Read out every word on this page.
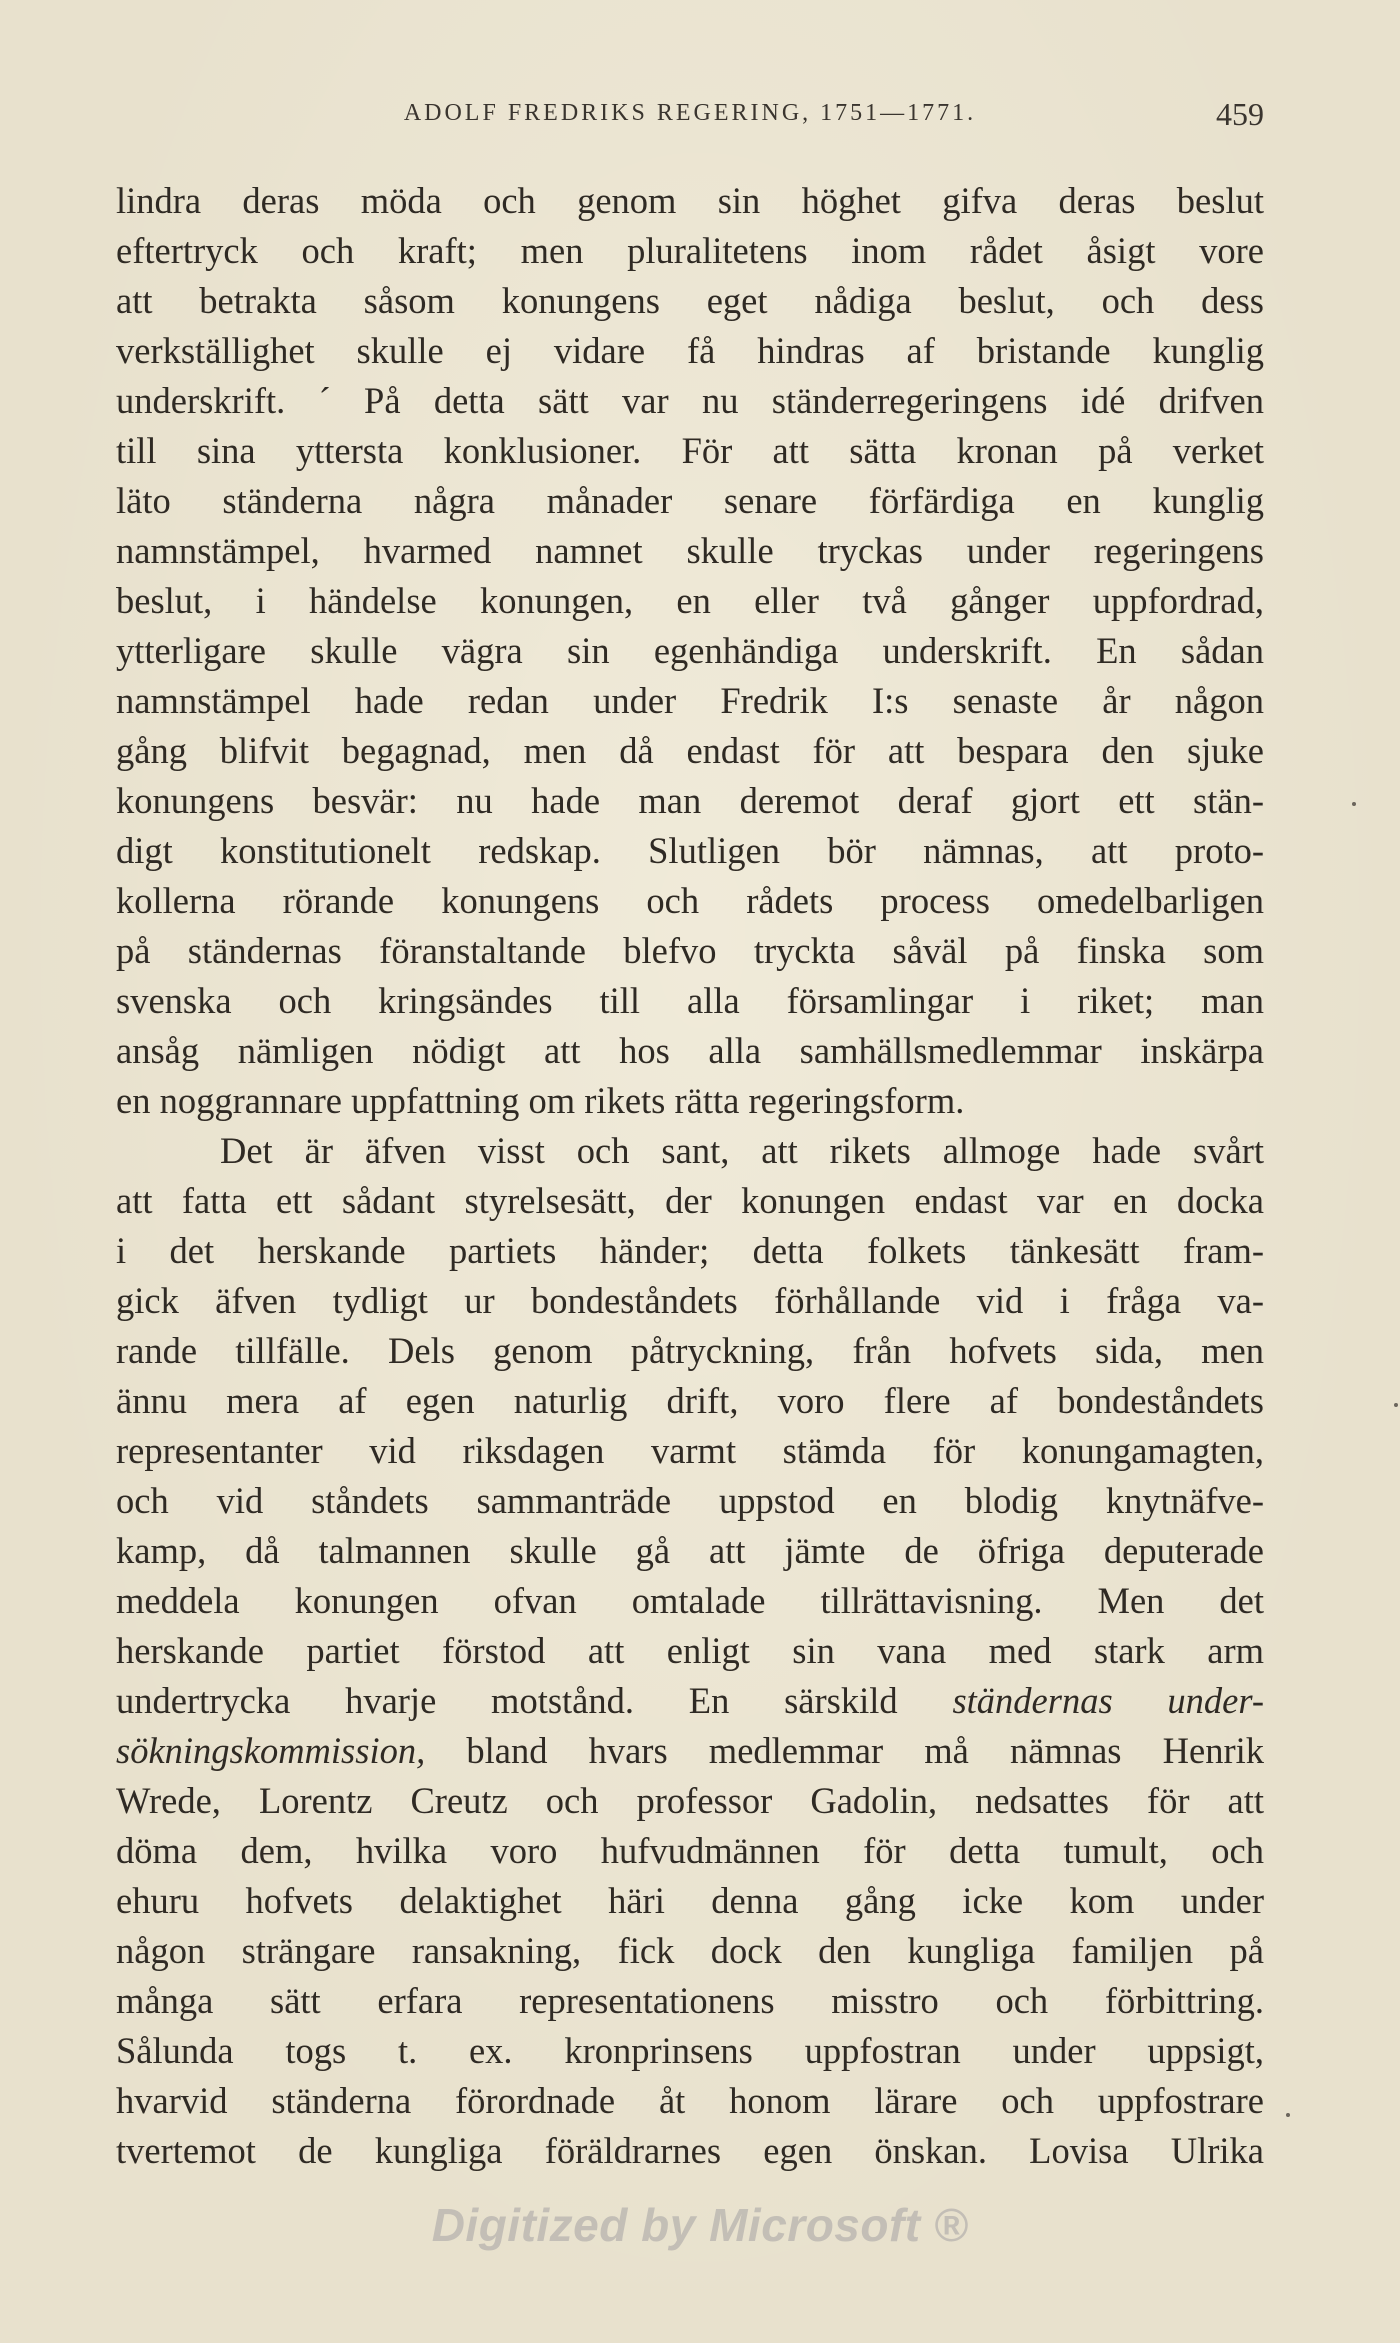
ADOLF FREDRIKS REGERING, 1751—1771.	459
lindra deras möda och genom sin höghet gifva deras beslut
eftertryck och kraft; men pluralitetens inom rådet åsigt vore
att betrakta såsom konungens eget nådiga beslut, och dess
verkställighet skulle ej vidare få hindras af bristande kunglig
underskrift. ´ På detta sätt var nu ständerregeringens idé drifven
till sina yttersta konklusioner. För att sätta kronan på verket
läto ständerna några månader senare förfärdiga en kunglig
namnstämpel, hvarmed namnet skulle tryckas under regeringens
beslut, i händelse konungen, en eller två gånger uppfordrad,
ytterligare skulle vägra sin egenhändiga underskrift. En sådan
namnstämpel hade redan under Fredrik I:s senaste år någon
gång blifvit begagnad, men då endast för att bespara den sjuke
konungens besvär: nu hade man deremot deraf gjort ett stän-
digt konstitutionelt redskap. Slutligen bör nämnas, att proto-
kollerna rörande konungens och rådets process omedelbarligen
på ständernas föranstaltande blefvo tryckta såväl på finska som
svenska och kringsändes till alla församlingar i riket; man
ansåg nämligen nödigt att hos alla samhällsmedlemmar inskärpa
en noggrannare uppfattning om rikets rätta regeringsform.
Det är äfven visst och sant, att rikets allmoge hade svårt
att fatta ett sådant styrelsesätt, der konungen endast var en docka
i det herskande partiets händer; detta folkets tänkesätt fram-
gick äfven tydligt ur bondeståndets förhållande vid i fråga va-
rande tillfälle. Dels genom påtryckning, från hofvets sida, men
ännu mera af egen naturlig drift, voro flere af bondeståndets
representanter vid riksdagen varmt stämda för konungamagten,
och vid ståndets sammanträde uppstod en blodig knytnäfve-
kamp, då talmannen skulle gå att jämte de öfriga deputerade
meddela konungen ofvan omtalade tillrättavisning. Men det
herskande partiet förstod att enligt sin vana med stark arm
undertrycka hvarje motstånd. En särskild ständernas under-
sökningskommission, bland hvars medlemmar må nämnas Henrik
Wrede, Lorentz Creutz och professor Gadolin, nedsattes för att
döma dem, hvilka voro hufvudmännen för detta tumult, och
ehuru hofvets delaktighet häri denna gång icke kom under
någon strängare ransakning, fick dock den kungliga familjen på
många sätt erfara representationens misstro och förbittring.
Sålunda togs t. ex. kronprinsens uppfostran under uppsigt,
hvarvid ständerna förordnade åt honom lärare och uppfostrare
tvertemot de kungliga föräldrarnes egen önskan. Lovisa Ulrika
Digitized by Microsoft ®
